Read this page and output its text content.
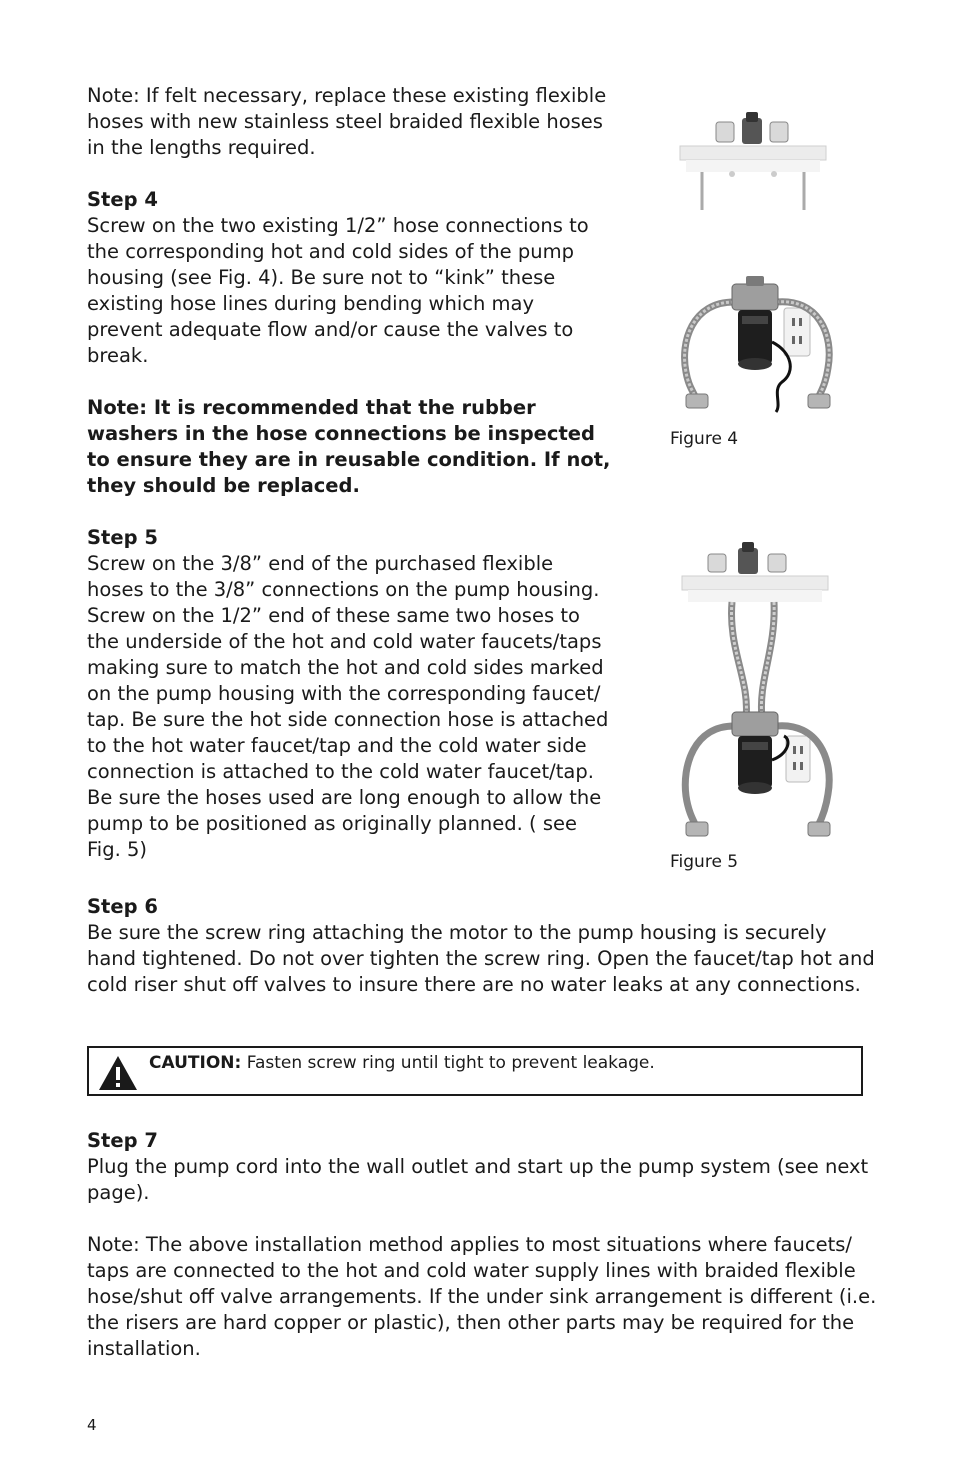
Note: If felt necessary, replace these existing flexible hoses with new stainless steel braided flexible hoses in the lengths required.

Step 4
Screw on the two existing 1/2” hose connections to the corresponding hot and cold sides of the pump housing (see Fig. 4). Be sure not to “kink” these existing hose lines during bending which may prevent adequate flow and/or cause the valves to break.

Note: It is recommended that the rubber washers in the hose connections be inspected to ensure they are in reusable condition. If not, they should be replaced.

Step 5
Screw on the 3/8” end of the purchased flexible hoses to the 3/8” connections on the pump housing. Screw on the 1/2” end of these same two hoses to the underside of the hot and cold water faucets/taps making sure to match the hot and cold sides marked on the pump housing with the corresponding faucet/ tap. Be sure the hot side connection hose is attached to the hot water faucet/tap and the cold water side connection is attached to the cold water faucet/tap. Be sure the hoses used are long enough to allow the pump to be positioned as originally planned. ( see Fig. 5)
Step 6
Be sure the screw ring attaching the motor to the pump housing is securely hand tightened. Do not over tighten the screw ring. Open the faucet/tap hot and cold riser shut off valves to insure there are no water leaks at any connections.

CAUTION: Fasten screw ring until tight to prevent leakage.

Step 7
Plug the pump cord into the wall outlet and start up the pump system (see next page).

Note: The above installation method applies to most situations where faucets/ taps are connected to the hot and cold water supply lines with braided flexible hose/shut off valve arrangements. If the under sink arrangement is different (i.e. the risers are hard copper or plastic), then other parts may be required for the installation.

Figure 4

Figure 5

4
